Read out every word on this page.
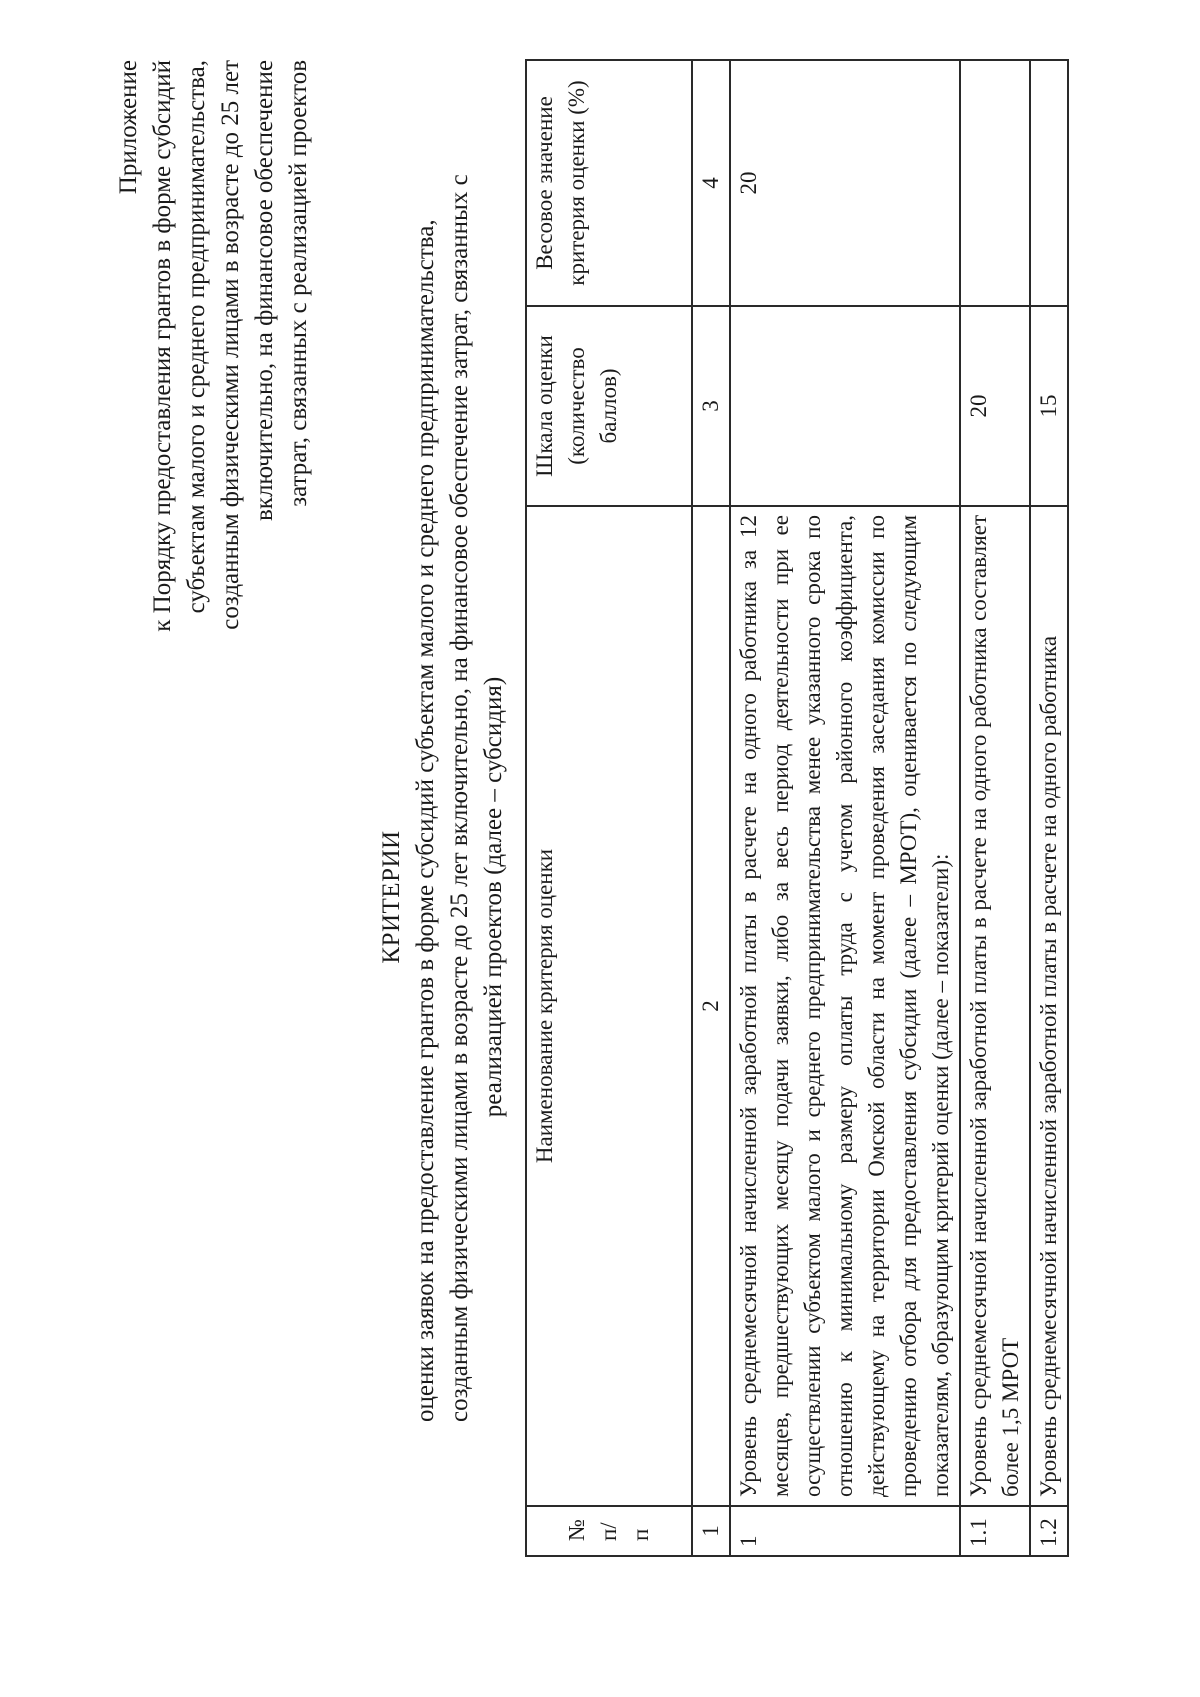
Приложение к Порядку предоставления грантов в форме субсидий субъектам малого и среднего предпринимательства, созданным физическими лицами в возрасте до 25 лет включительно, на финансовое обеспечение затрат, связанных с реализацией проектов
КРИТЕРИИ оценки заявок на предоставление грантов в форме субсидий субъектам малого и среднего предпринимательства, созданным физическими лицами в возрасте до 25 лет включительно, на финансовое обеспечение затрат, связанных с реализацией проектов (далее – субсидия)
№ п/п	Наименование критерия оценки	Шкала оценки (количество баллов)	Весовое значение критерия оценки (%)
1	2	3	4
1	Уровень среднемесячной начисленной заработной платы в расчете на одного работника за 12 месяцев, предшествующих месяцу подачи заявки, либо за весь период деятельности при ее осуществлении субъектом малого и среднего предпринимательства менее указанного срока по отношению к минимальному размеру оплаты труда с учетом районного коэффициента, действующему на территории Омской области на момент проведения заседания комиссии по проведению отбора для предоставления субсидии (далее – МРОТ), оценивается по следующим показателям, образующим критерий оценки (далее – показатели):		20
1.1	Уровень среднемесячной начисленной заработной платы в расчете на одного работника составляет более 1,5 МРОТ	20	
1.2	Уровень среднемесячной начисленной заработной платы в расчете на одного работника	15	
